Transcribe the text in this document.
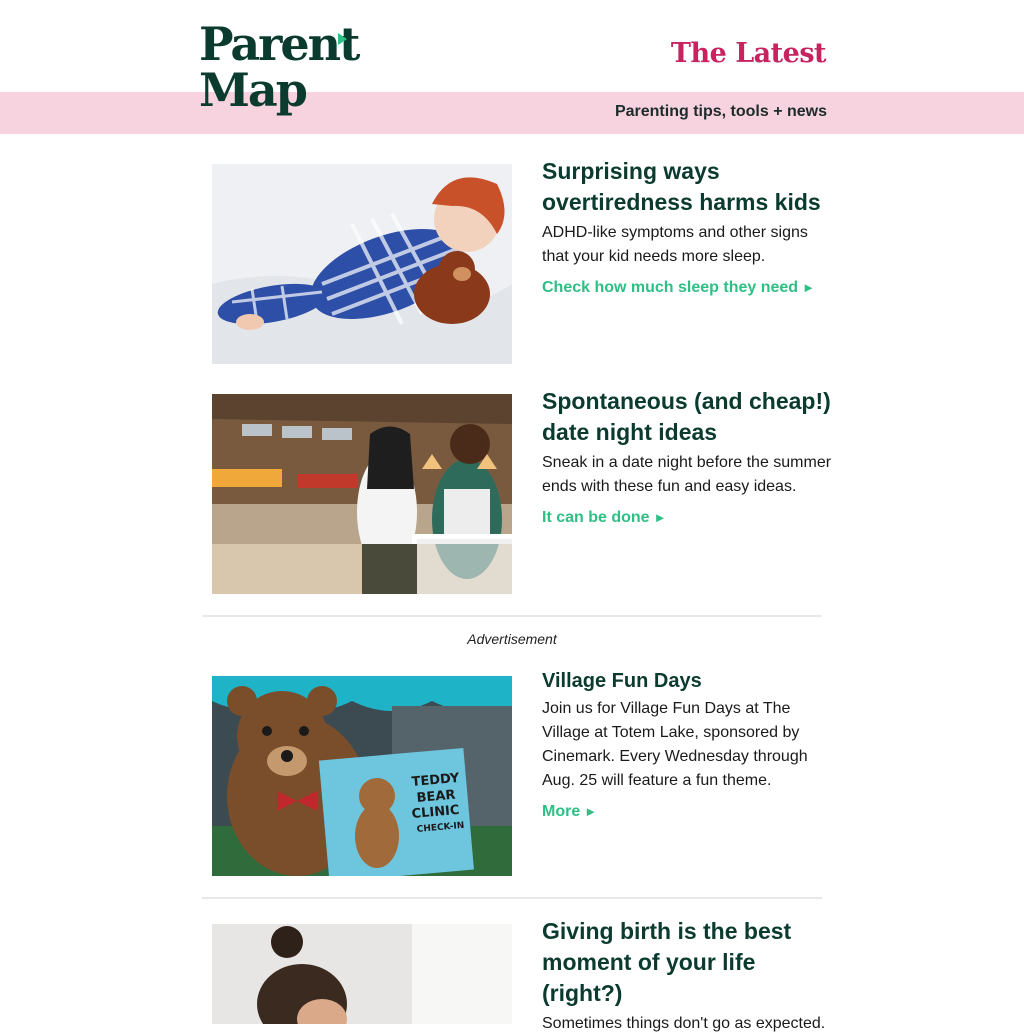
Parent
Map
The Latest
Parenting tips, tools + news
Surprising ways overtiredness harms kids

ADHD-like symptoms and other signs that your kid needs more sleep.

Check how much sleep they need ►
Spontaneous (and cheap!) date night ideas

Sneak in a date night before the summer ends with these fun and easy ideas.

It can be done ►
Advertisement
TEDDY
BEAR
CLINIC
CHECK-IN
Village Fun Days

Join us for Village Fun Days at The Village at Totem Lake, sponsored by Cinemark. Every Wednesday through Aug. 25 will feature a fun theme.

More ►
Giving birth is the best moment of your life (right?)

Sometimes things don't go as expected.
